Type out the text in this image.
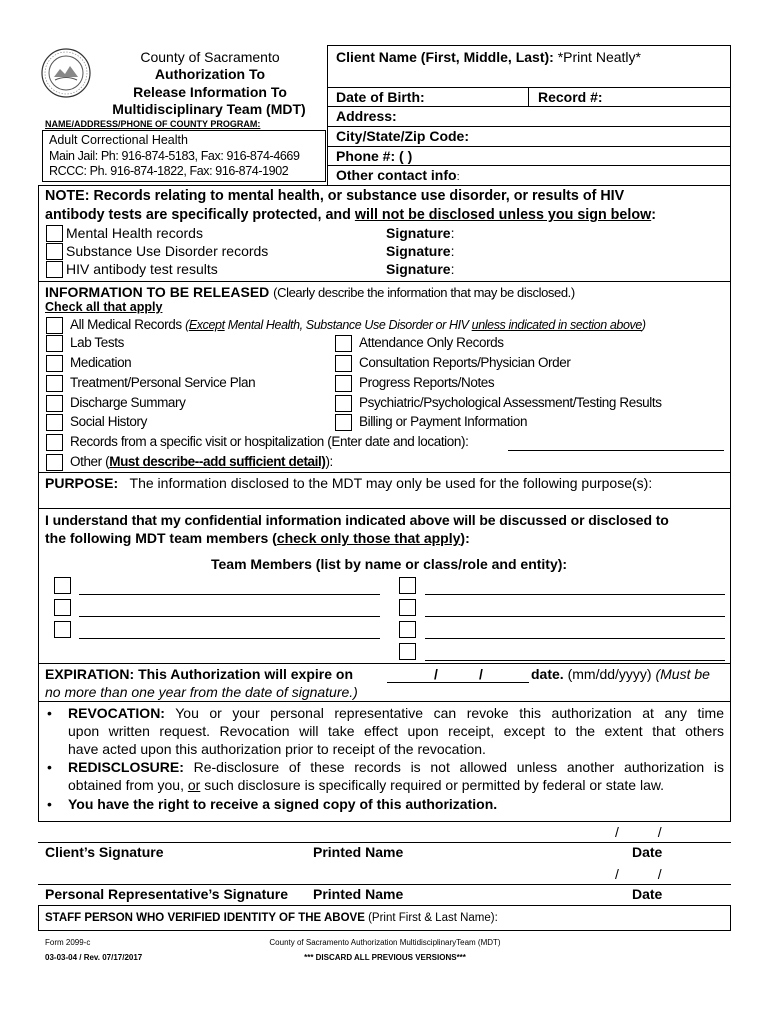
County of Sacramento
Authorization To
Release Information To
Multidisciplinary Team (MDT)
NAME/ADDRESS/PHONE OF COUNTY PROGRAM:
Adult Correctional Health
Main Jail: Ph: 916-874-5183, Fax: 916-874-4669
RCCC: Ph. 916-874-1822, Fax: 916-874-1902
Client Name (First, Middle, Last): *Print Neatly*
Date of Birth:	Record #:
Address:
City/State/Zip Code:
Phone #: ( )
Other contact info:
NOTE: Records relating to mental health, or substance use disorder, or results of HIV
antibody tests are specifically protected, and will not be disclosed unless you sign below:
Mental Health records	Signature:
Substance Use Disorder records	Signature:
HIV antibody test results	Signature:
INFORMATION TO BE RELEASED (Clearly describe the information that may be disclosed.)
Check all that apply
All Medical Records (Except Mental Health, Substance Use Disorder or HIV unless indicated in section above)
Lab Tests
Medication
Treatment/Personal Service Plan
Discharge Summary
Social History
Attendance Only Records
Consultation Reports/Physician Order
Progress Reports/Notes
Psychiatric/Psychological Assessment/Testing Results
Billing or Payment Information
Records from a specific visit or hospitalization (Enter date and location):
Other (Must describe--add sufficient detail)):
PURPOSE: The information disclosed to the MDT may only be used for the following purpose(s):
I understand that my confidential information indicated above will be discussed or disclosed to
the following MDT team members (check only those that apply):
Team Members (list by name or class/role and entity):
EXPIRATION: This Authorization will expire on	/	/	date. (mm/dd/yyyy) (Must be
no more than one year from the date of signature.)
• REVOCATION: You or your personal representative can revoke this authorization at any time
upon written request. Revocation will take effect upon receipt, except to the extent that others
have acted upon this authorization prior to receipt of the revocation.
• REDISCLOSURE: Re-disclosure of these records is not allowed unless another authorization is
obtained from you, or such disclosure is specifically required or permitted by federal or state law.
• You have the right to receive a signed copy of this authorization.
/          /
Client’s Signature	Printed Name	Date
/          /
Personal Representative’s Signature Printed Name	Date
STAFF PERSON WHO VERIFIED IDENTITY OF THE ABOVE (Print First & Last Name):
Form 2099-c
03-03-04 / Rev. 07/17/2017
County of Sacramento Authorization MultidisciplinaryTeam (MDT)
*** DISCARD ALL PREVIOUS VERSIONS***
